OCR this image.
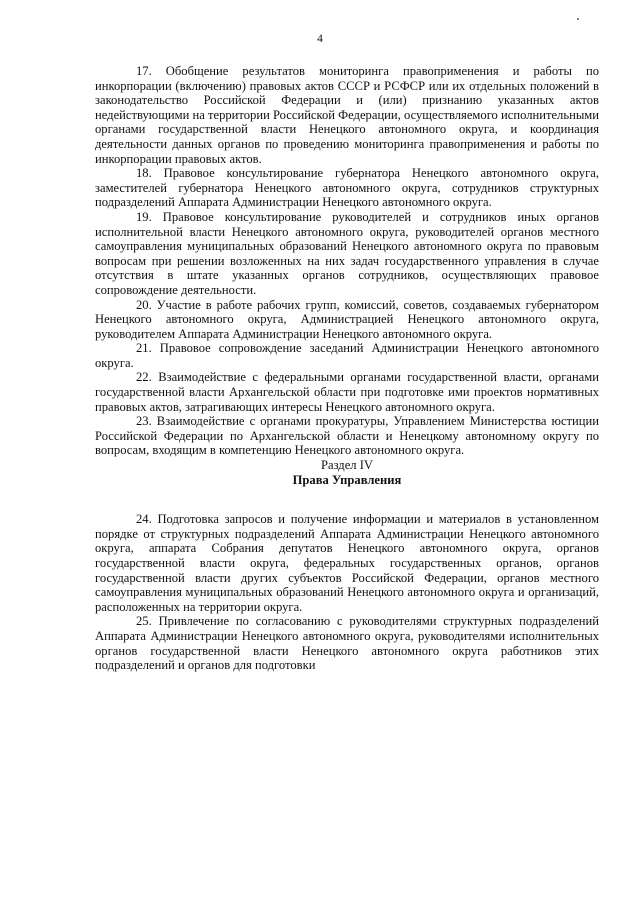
4

17. Обобщение результатов мониторинга правоприменения и работы по инкорпорации (включению) правовых актов СССР и РСФСР или их отдельных положений в законодательство Российской Федерации и (или) признанию указанных актов недействующими на территории Российской Федерации, осуществляемого исполнительными органами государственной власти Ненецкого автономного округа, и координация деятельности данных органов по проведению мониторинга правоприменения и работы по инкорпорации правовых актов.

18. Правовое консультирование губернатора Ненецкого автономного округа, заместителей губернатора Ненецкого автономного округа, сотрудников структурных подразделений Аппарата Администрации Ненецкого автономного округа.

19. Правовое консультирование руководителей и сотрудников иных органов исполнительной власти Ненецкого автономного округа, руководителей органов местного самоуправления муниципальных образований Ненецкого автономного округа по правовым вопросам при решении возложенных на них задач государственного управления в случае отсутствия в штате указанных органов сотрудников, осуществляющих правовое сопровождение деятельности.

20. Участие в работе рабочих групп, комиссий, советов, создаваемых губернатором Ненецкого автономного округа, Администрацией Ненецкого автономного округа, руководителем Аппарата Администрации Ненецкого автономного округа.

21. Правовое сопровождение заседаний Администрации Ненецкого автономного округа.

22. Взаимодействие с федеральными органами государственной власти, органами государственной власти Архангельской области при подготовке ими проектов нормативных правовых актов, затрагивающих интересы Ненецкого автономного округа.

23. Взаимодействие с органами прокуратуры, Управлением Министерства юстиции Российской Федерации по Архангельской области и Ненецкому автономному округу по вопросам, входящим в компетенцию Ненецкого автономного округа.

Раздел IV

Права Управления

24. Подготовка запросов и получение информации и материалов в установленном порядке от структурных подразделений Аппарата Администрации Ненецкого автономного округа, аппарата Собрания депутатов Ненецкого автономного округа, органов государственной власти округа, федеральных государственных органов, органов государственной власти других субъектов Российской Федерации, органов местного самоуправления муниципальных образований Ненецкого автономного округа и организаций, расположенных на территории округа.

25. Привлечение по согласованию с руководителями структурных подразделений Аппарата Администрации Ненецкого автономного округа, руководителями исполнительных органов государственной власти Ненецкого автономного округа работников этих подразделений и органов для подготовки
